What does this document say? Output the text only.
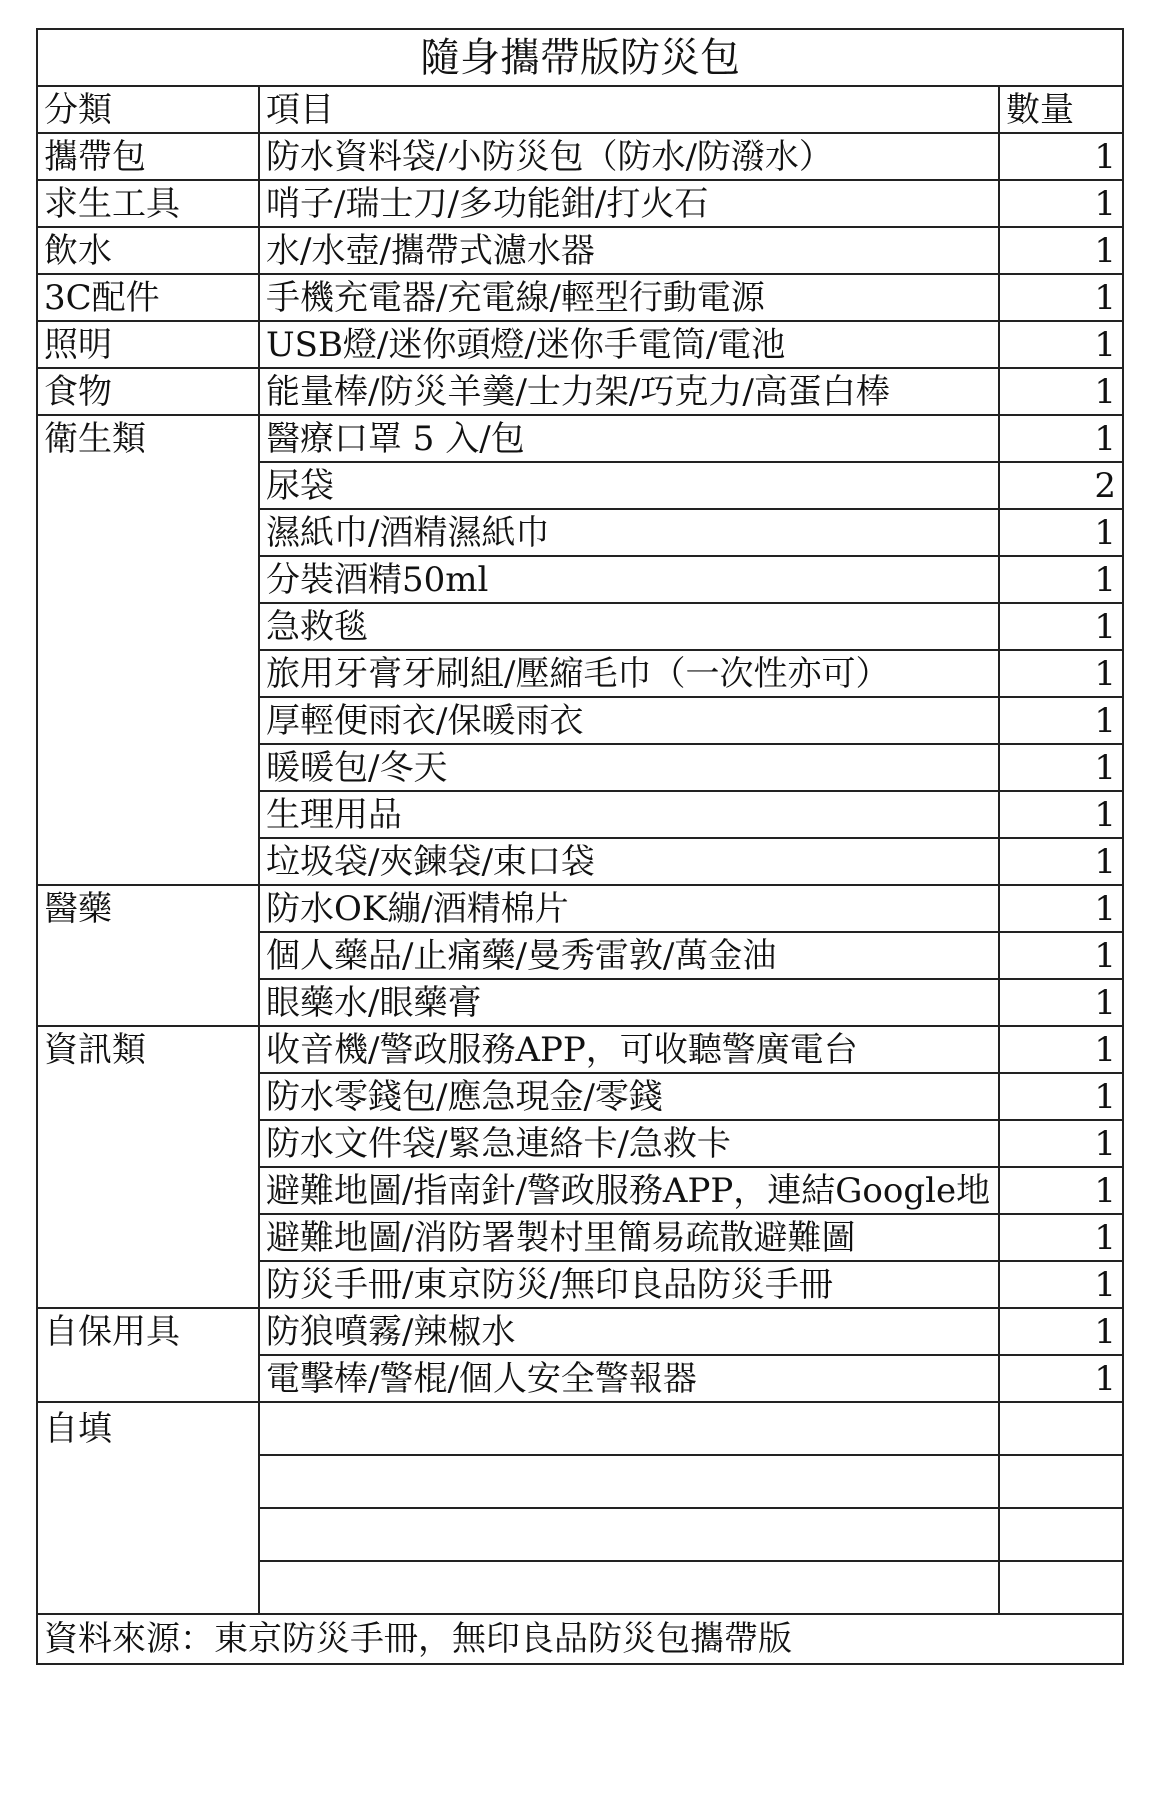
隨身攜帶版防災包		
分類	項目	數量
攜帶包	防水資料袋/小防災包（防水/防潑水）	1
求生工具	哨子/瑞士刀/多功能鉗/打火石	1
飲水	水/水壺/攜帶式濾水器	1
3C配件	手機充電器/充電線/輕型行動電源	1
照明	USB燈/迷你頭燈/迷你手電筒/電池	1
食物	能量棒/防災羊羹/士力架/巧克力/高蛋白棒	1
衛生類	醫療口罩 5 入/包	1
	尿袋	2
	濕紙巾/酒精濕紙巾	1
	分裝酒精50ml	1
	急救毯	1
	旅用牙膏牙刷組/壓縮毛巾（一次性亦可）	1
	厚輕便雨衣/保暖雨衣	1
	暖暖包/冬天	1
	生理用品	1
	垃圾袋/夾鍊袋/束口袋	1
醫藥	防水OK繃/酒精棉片	1
	個人藥品/止痛藥/曼秀雷敦/萬金油	1
	眼藥水/眼藥膏	1
資訊類	收音機/警政服務APP，可收聽警廣電台	1
	防水零錢包/應急現金/零錢	1
	防水文件袋/緊急連絡卡/急救卡	1
	避難地圖/指南針/警政服務APP，連結Google地	1
	避難地圖/消防署製村里簡易疏散避難圖	1
	防災手冊/東京防災/無印良品防災手冊	1
自保用具	防狼噴霧/辣椒水	1
	電擊棒/警棍/個人安全警報器	1
自填		

資料來源：東京防災手冊，無印良品防災包攜帶版		
